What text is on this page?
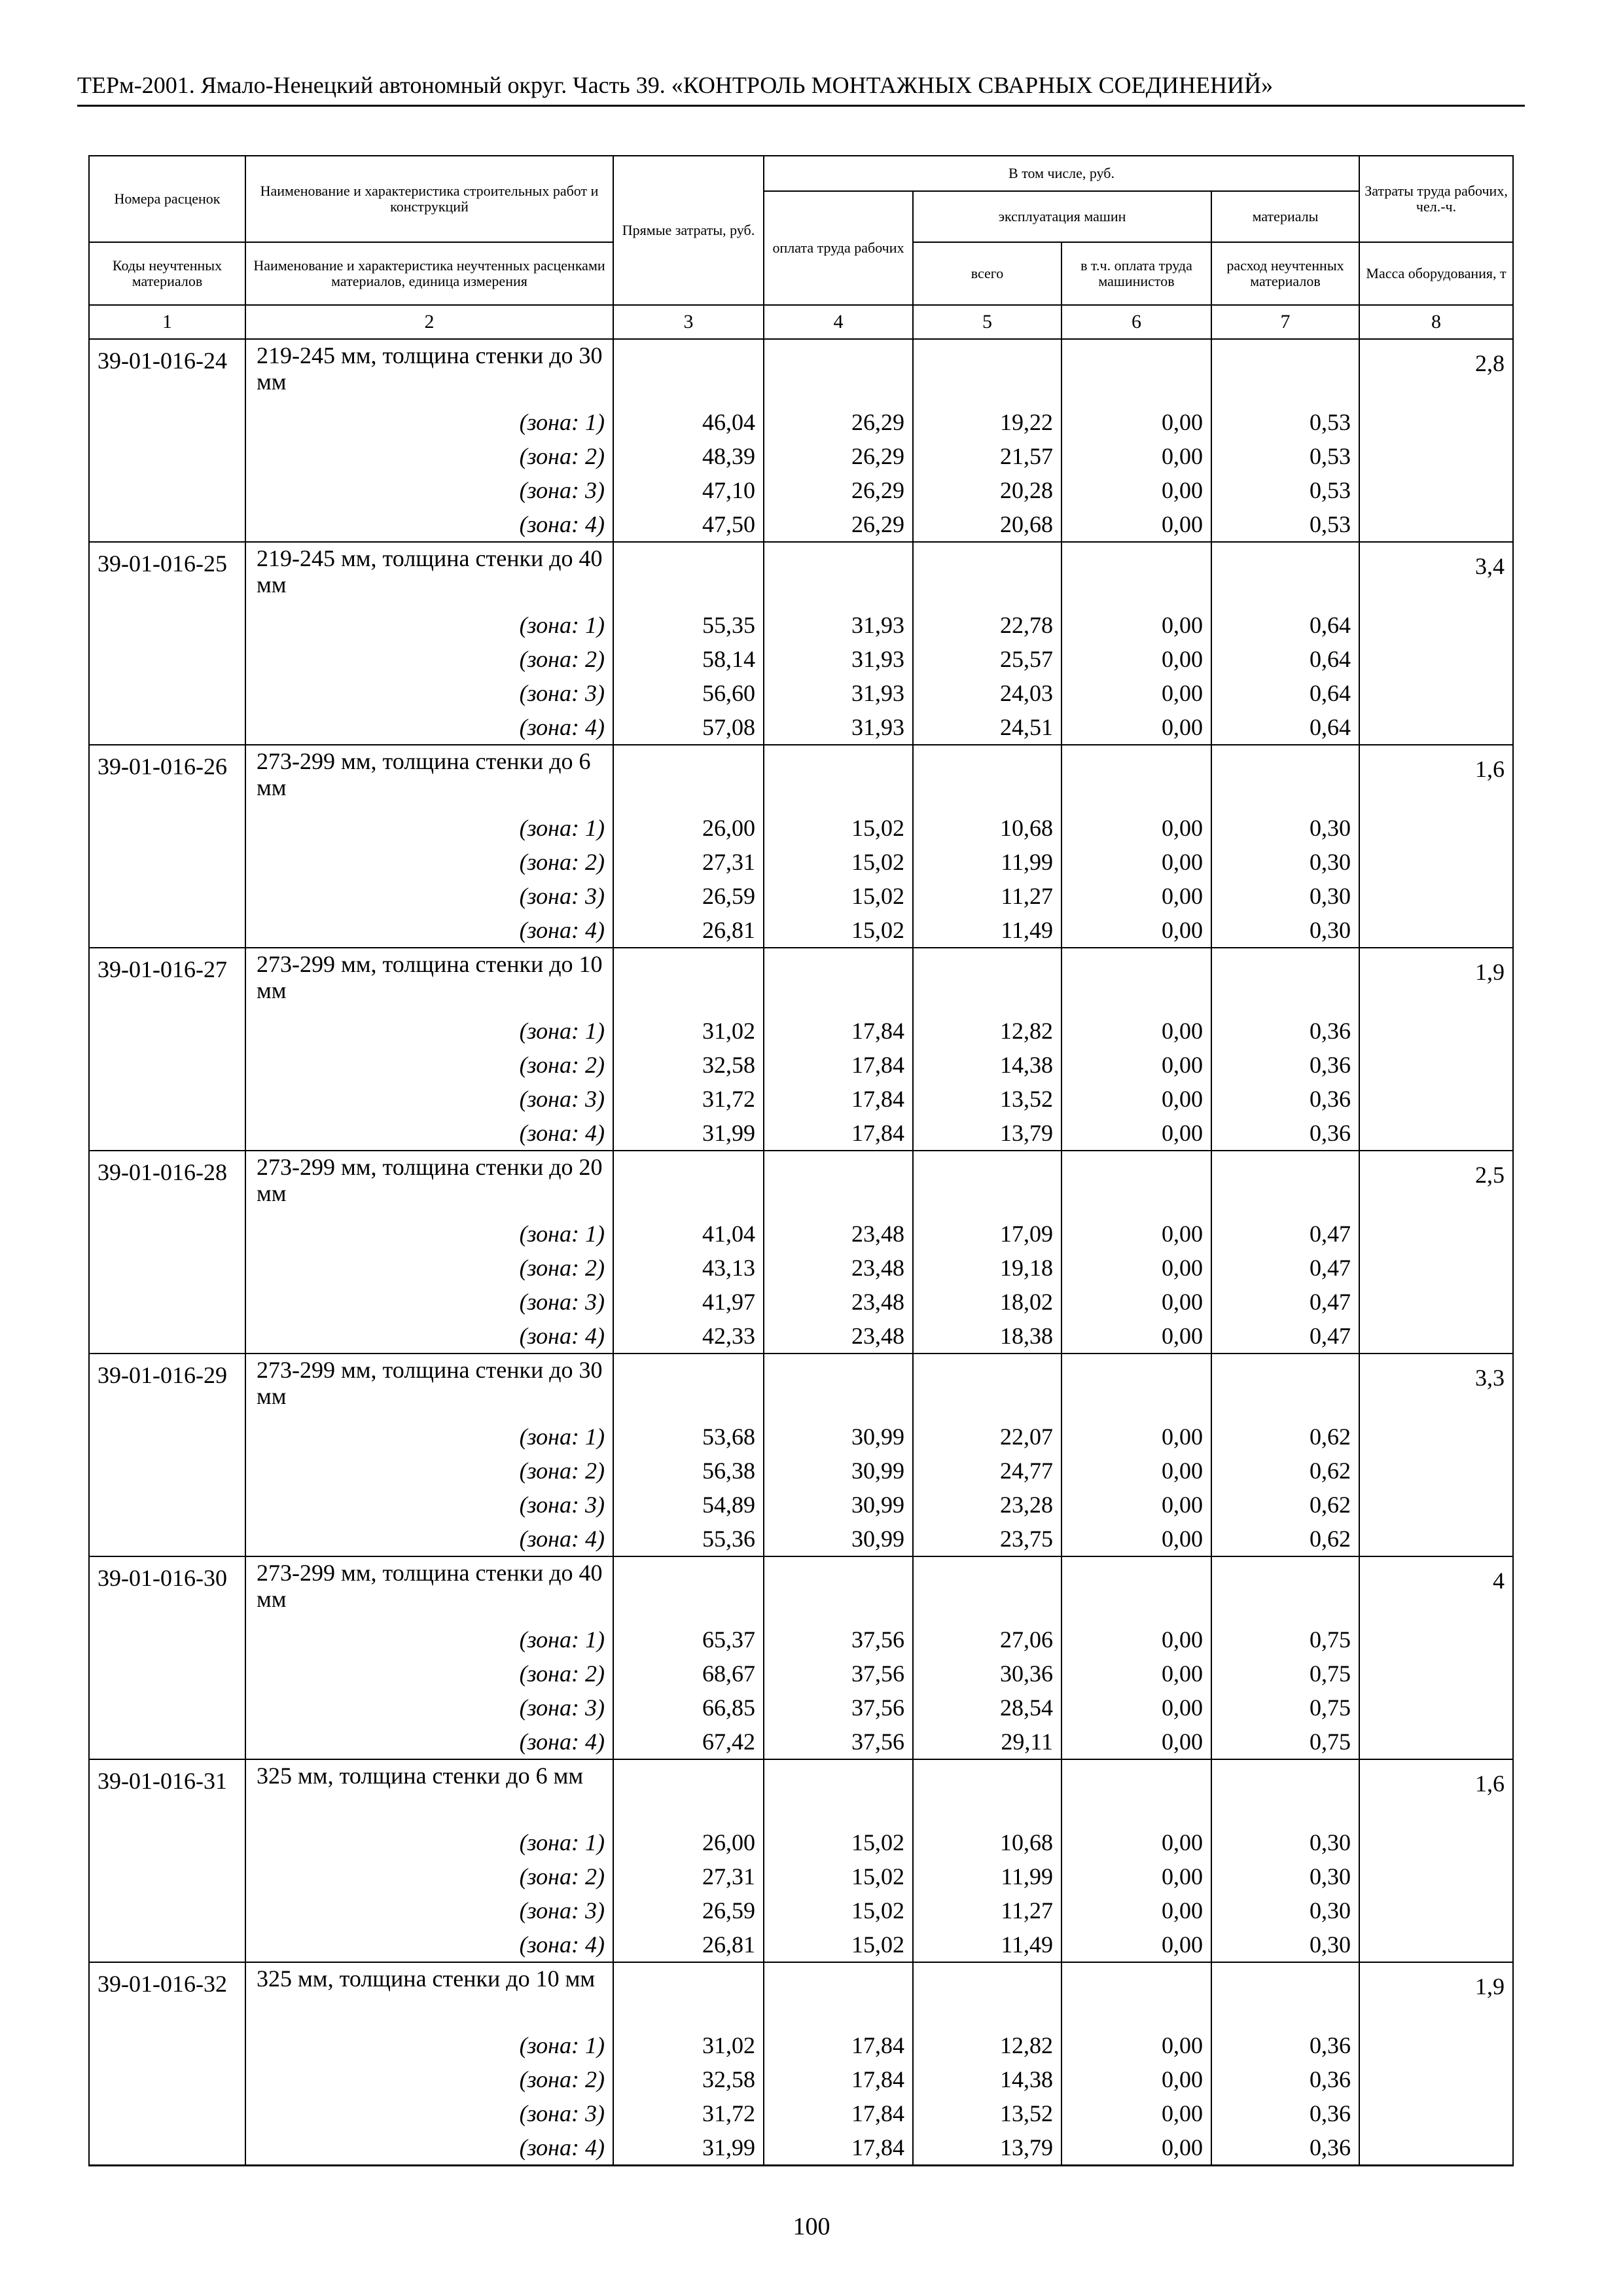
ТЕРм-2001. Ямало-Ненецкий автономный округ. Часть 39. «КОНТРОЛЬ МОНТАЖНЫХ СВАРНЫХ СОЕДИНЕНИЙ»
Номера расценок	Наименование и характеристика строительных работ и конструкций	Прямые затраты, руб.	В том числе, руб.				Затраты труда рабочих, чел.-ч.
			оплата труда рабочих	эксплуатация машин		материалы	
Коды неучтенных материалов	Наименование и характеристика неучтенных расценками материалов, единица измерения			всего	в т.ч. оплата труда машинистов	расход неучтенных материалов	Масса оборудования, т
1	2	3	4	5	6	7	8
39-01-016-24	219-245 мм, толщина стенки до 30 мм						2,8
	(зона: 1)	46,04	26,29	19,22	0,00	0,53	
	(зона: 2)	48,39	26,29	21,57	0,00	0,53	
	(зона: 3)	47,10	26,29	20,28	0,00	0,53	
	(зона: 4)	47,50	26,29	20,68	0,00	0,53	
39-01-016-25	219-245 мм, толщина стенки до 40 мм						3,4
	(зона: 1)	55,35	31,93	22,78	0,00	0,64	
	(зона: 2)	58,14	31,93	25,57	0,00	0,64	
	(зона: 3)	56,60	31,93	24,03	0,00	0,64	
	(зона: 4)	57,08	31,93	24,51	0,00	0,64	
39-01-016-26	273-299 мм, толщина стенки до 6 мм						1,6
	(зона: 1)	26,00	15,02	10,68	0,00	0,30	
	(зона: 2)	27,31	15,02	11,99	0,00	0,30	
	(зона: 3)	26,59	15,02	11,27	0,00	0,30	
	(зона: 4)	26,81	15,02	11,49	0,00	0,30	
39-01-016-27	273-299 мм, толщина стенки до 10 мм						1,9
	(зона: 1)	31,02	17,84	12,82	0,00	0,36	
	(зона: 2)	32,58	17,84	14,38	0,00	0,36	
	(зона: 3)	31,72	17,84	13,52	0,00	0,36	
	(зона: 4)	31,99	17,84	13,79	0,00	0,36	
39-01-016-28	273-299 мм, толщина стенки до 20 мм						2,5
	(зона: 1)	41,04	23,48	17,09	0,00	0,47	
	(зона: 2)	43,13	23,48	19,18	0,00	0,47	
	(зона: 3)	41,97	23,48	18,02	0,00	0,47	
	(зона: 4)	42,33	23,48	18,38	0,00	0,47	
39-01-016-29	273-299 мм, толщина стенки до 30 мм						3,3
	(зона: 1)	53,68	30,99	22,07	0,00	0,62	
	(зона: 2)	56,38	30,99	24,77	0,00	0,62	
	(зона: 3)	54,89	30,99	23,28	0,00	0,62	
	(зона: 4)	55,36	30,99	23,75	0,00	0,62	
39-01-016-30	273-299 мм, толщина стенки до 40 мм						4
	(зона: 1)	65,37	37,56	27,06	0,00	0,75	
	(зона: 2)	68,67	37,56	30,36	0,00	0,75	
	(зона: 3)	66,85	37,56	28,54	0,00	0,75	
	(зона: 4)	67,42	37,56	29,11	0,00	0,75	
39-01-016-31	325 мм, толщина стенки до 6 мм						1,6
	(зона: 1)	26,00	15,02	10,68	0,00	0,30	
	(зона: 2)	27,31	15,02	11,99	0,00	0,30	
	(зона: 3)	26,59	15,02	11,27	0,00	0,30	
	(зона: 4)	26,81	15,02	11,49	0,00	0,30	
39-01-016-32	325 мм, толщина стенки до 10 мм						1,9
	(зона: 1)	31,02	17,84	12,82	0,00	0,36	
	(зона: 2)	32,58	17,84	14,38	0,00	0,36	
	(зона: 3)	31,72	17,84	13,52	0,00	0,36	
	(зона: 4)	31,99	17,84	13,79	0,00	0,36	
100
